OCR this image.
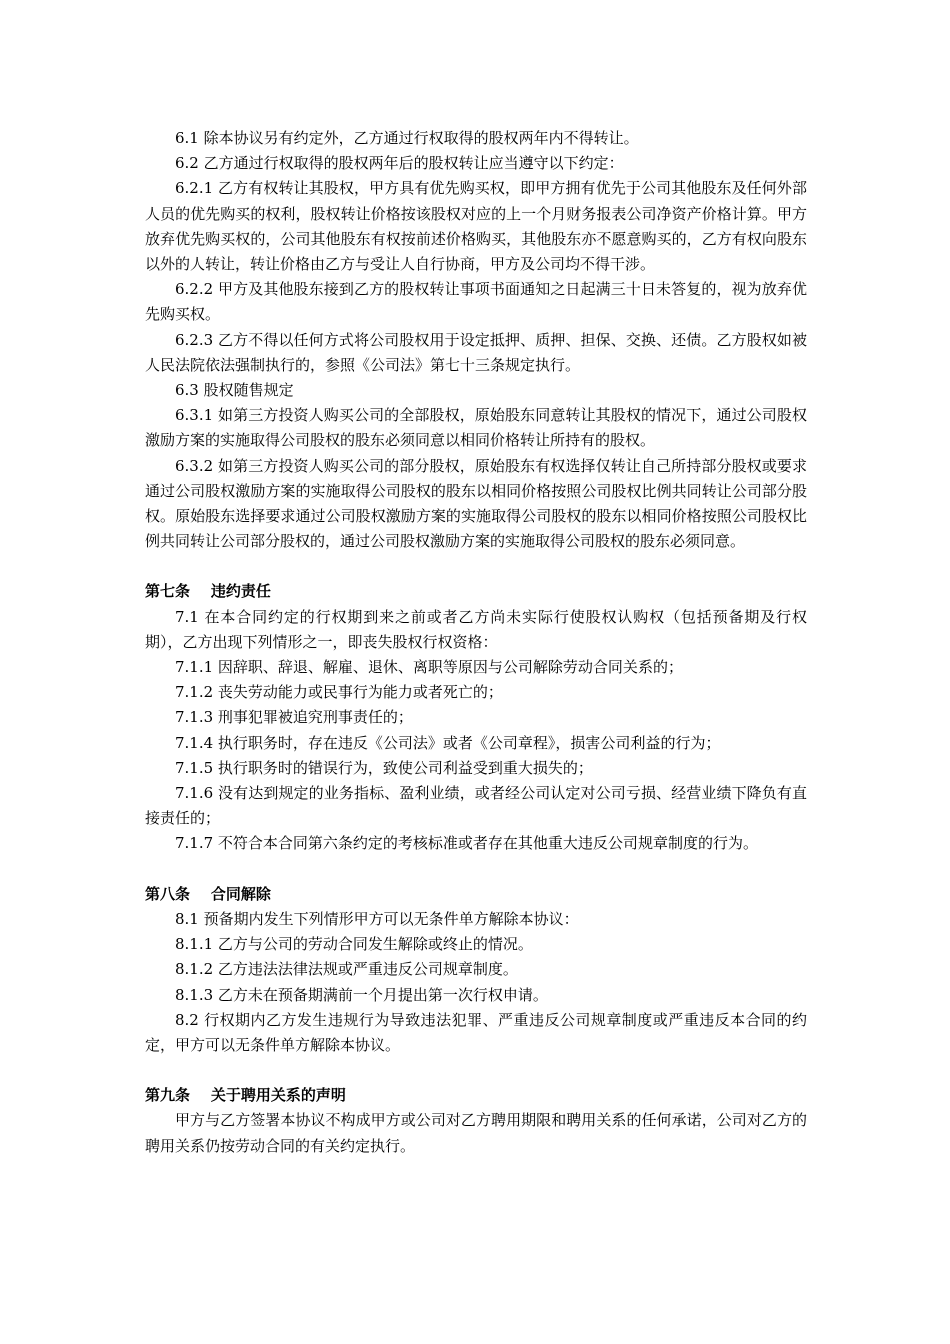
6.1 除本协议另有约定外，乙方通过行权取得的股权两年内不得转让。

6.2 乙方通过行权取得的股权两年后的股权转让应当遵守以下约定：

6.2.1 乙方有权转让其股权，甲方具有优先购买权，即甲方拥有优先于公司其他股东及任何外部人员的优先购买的权利，股权转让价格按该股权对应的上一个月财务报表公司净资产价格计算。甲方放弃优先购买权的，公司其他股东有权按前述价格购买，其他股东亦不愿意购买的，乙方有权向股东以外的人转让，转让价格由乙方与受让人自行协商，甲方及公司均不得干涉。

6.2.2 甲方及其他股东接到乙方的股权转让事项书面通知之日起满三十日未答复的，视为放弃优先购买权。

6.2.3 乙方不得以任何方式将公司股权用于设定抵押、质押、担保、交换、还债。乙方股权如被人民法院依法强制执行的，参照《公司法》第七十三条规定执行。

6.3 股权随售规定

6.3.1 如第三方投资人购买公司的全部股权，原始股东同意转让其股权的情况下，通过公司股权激励方案的实施取得公司股权的股东必须同意以相同价格转让所持有的股权。

6.3.2 如第三方投资人购买公司的部分股权，原始股东有权选择仅转让自己所持部分股权或要求通过公司股权激励方案的实施取得公司股权的股东以相同价格按照公司股权比例共同转让公司部分股权。原始股东选择要求通过公司股权激励方案的实施取得公司股权的股东以相同价格按照公司股权比例共同转让公司部分股权的，通过公司股权激励方案的实施取得公司股权的股东必须同意。

第七条    违约责任

7.1 在本合同约定的行权期到来之前或者乙方尚未实际行使股权认购权（包括预备期及行权期），乙方出现下列情形之一，即丧失股权行权资格：

7.1.1 因辞职、辞退、解雇、退休、离职等原因与公司解除劳动合同关系的；

7.1.2 丧失劳动能力或民事行为能力或者死亡的；

7.1.3 刑事犯罪被追究刑事责任的；

7.1.4 执行职务时，存在违反《公司法》或者《公司章程》，损害公司利益的行为；

7.1.5 执行职务时的错误行为，致使公司利益受到重大损失的；

7.1.6 没有达到规定的业务指标、盈利业绩，或者经公司认定对公司亏损、经营业绩下降负有直接责任的；

7.1.7 不符合本合同第六条约定的考核标准或者存在其他重大违反公司规章制度的行为。

第八条    合同解除

8.1 预备期内发生下列情形甲方可以无条件单方解除本协议：

8.1.1 乙方与公司的劳动合同发生解除或终止的情况。

8.1.2 乙方违法法律法规或严重违反公司规章制度。

8.1.3 乙方未在预备期满前一个月提出第一次行权申请。

8.2 行权期内乙方发生违规行为导致违法犯罪、严重违反公司规章制度或严重违反本合同的约定，甲方可以无条件单方解除本协议。

第九条    关于聘用关系的声明

甲方与乙方签署本协议不构成甲方或公司对乙方聘用期限和聘用关系的任何承诺，公司对乙方的聘用关系仍按劳动合同的有关约定执行。
